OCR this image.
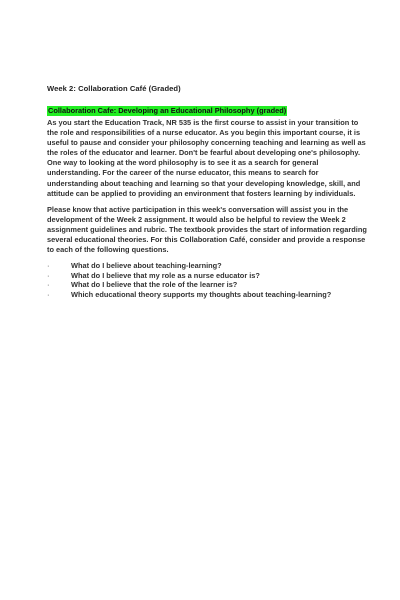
Week 2: Collaboration Café (Graded)
Collaboration Cafe: Developing an Educational Philosophy (graded)

As you start the Education Track, NR 535 is the first course to assist in your transition to the role and responsibilities of a nurse educator. As you begin this important course, it is useful to pause and consider your philosophy concerning teaching and learning as well as the roles of the educator and learner. Don't be fearful about developing one's philosophy. One way to looking at the word philosophy is to see it as a search for general understanding. For the career of the nurse educator, this means to search for understanding about teaching and learning so that your developing knowledge, skill, and attitude can be applied to providing an environment that fosters learning by individuals.

Please know that active participation in this week's conversation will assist you in the development of the Week 2 assignment. It would also be helpful to review the Week 2 assignment guidelines and rubric. The textbook provides the start of information regarding several educational theories. For this Collaboration Café, consider and provide a response to each of the following questions.

·	What do I believe about teaching-learning?
·	What do I believe that my role as a nurse educator is?
·	What do I believe that the role of the learner is?
·	Which educational theory supports my thoughts about teaching-learning?
